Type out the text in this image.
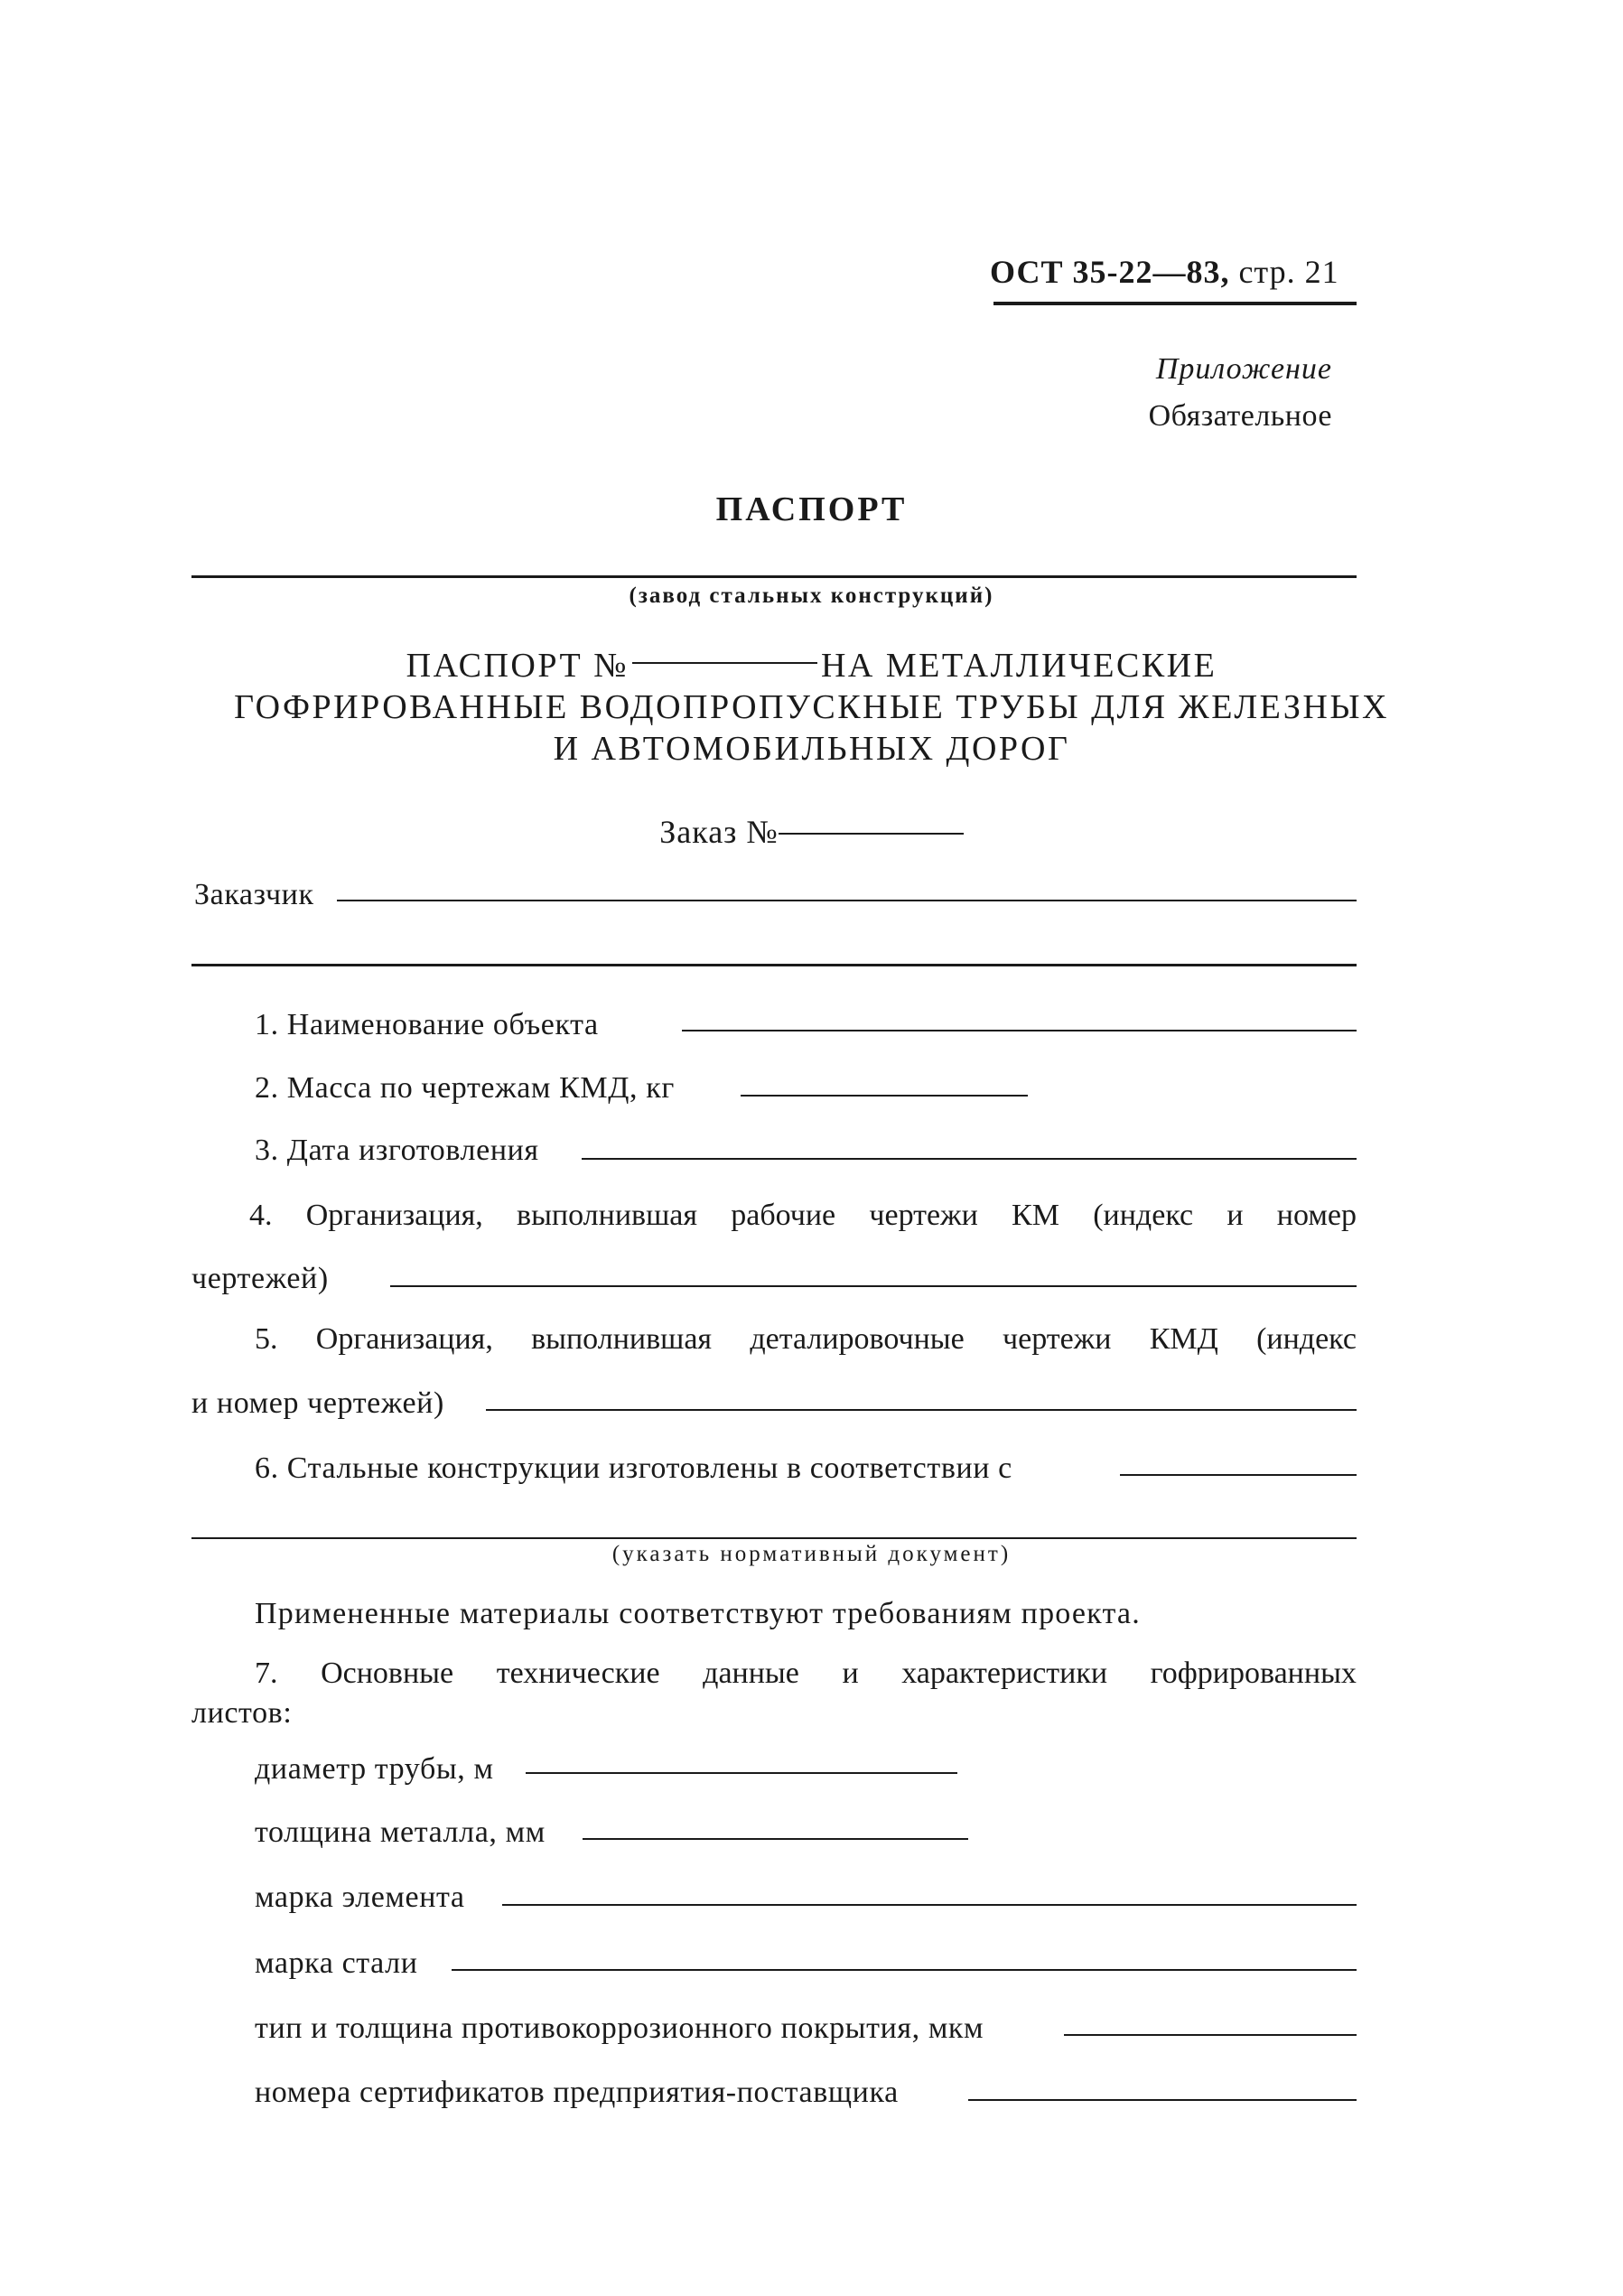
ОСТ 35-22—83, стр. 21
Приложение
Обязательное
ПАСПОРТ
(завод стальных конструкций)
ПАСПОРТ №	НА МЕТАЛЛИЧЕСКИЕ
ГОФРИРОВАННЫЕ ВОДОПРОПУСКНЫЕ ТРУБЫ ДЛЯ ЖЕЛЕЗНЫХ
И АВТОМОБИЛЬНЫХ ДОРОГ
Заказ №
Заказчик
1. Наименование объекта
2. Масса по чертежам КМД, кг
3. Дата изготовления
4. Организация, выполнившая рабочие чертежи КМ (индекс и номер
чертежей)
5. Организация, выполнившая деталировочные чертежи КМД (индекс
и номер чертежей)
6. Стальные конструкции изготовлены в соответствии с
(указать нормативный документ)
Примененные материалы соответствуют требованиям проекта.
7. Основные технические данные и характеристики гофрированных
листов:
диаметр трубы, м
толщина металла, мм
марка элемента
марка стали
тип и толщина противокоррозионного покрытия, мкм
номера сертификатов предприятия-поставщика
